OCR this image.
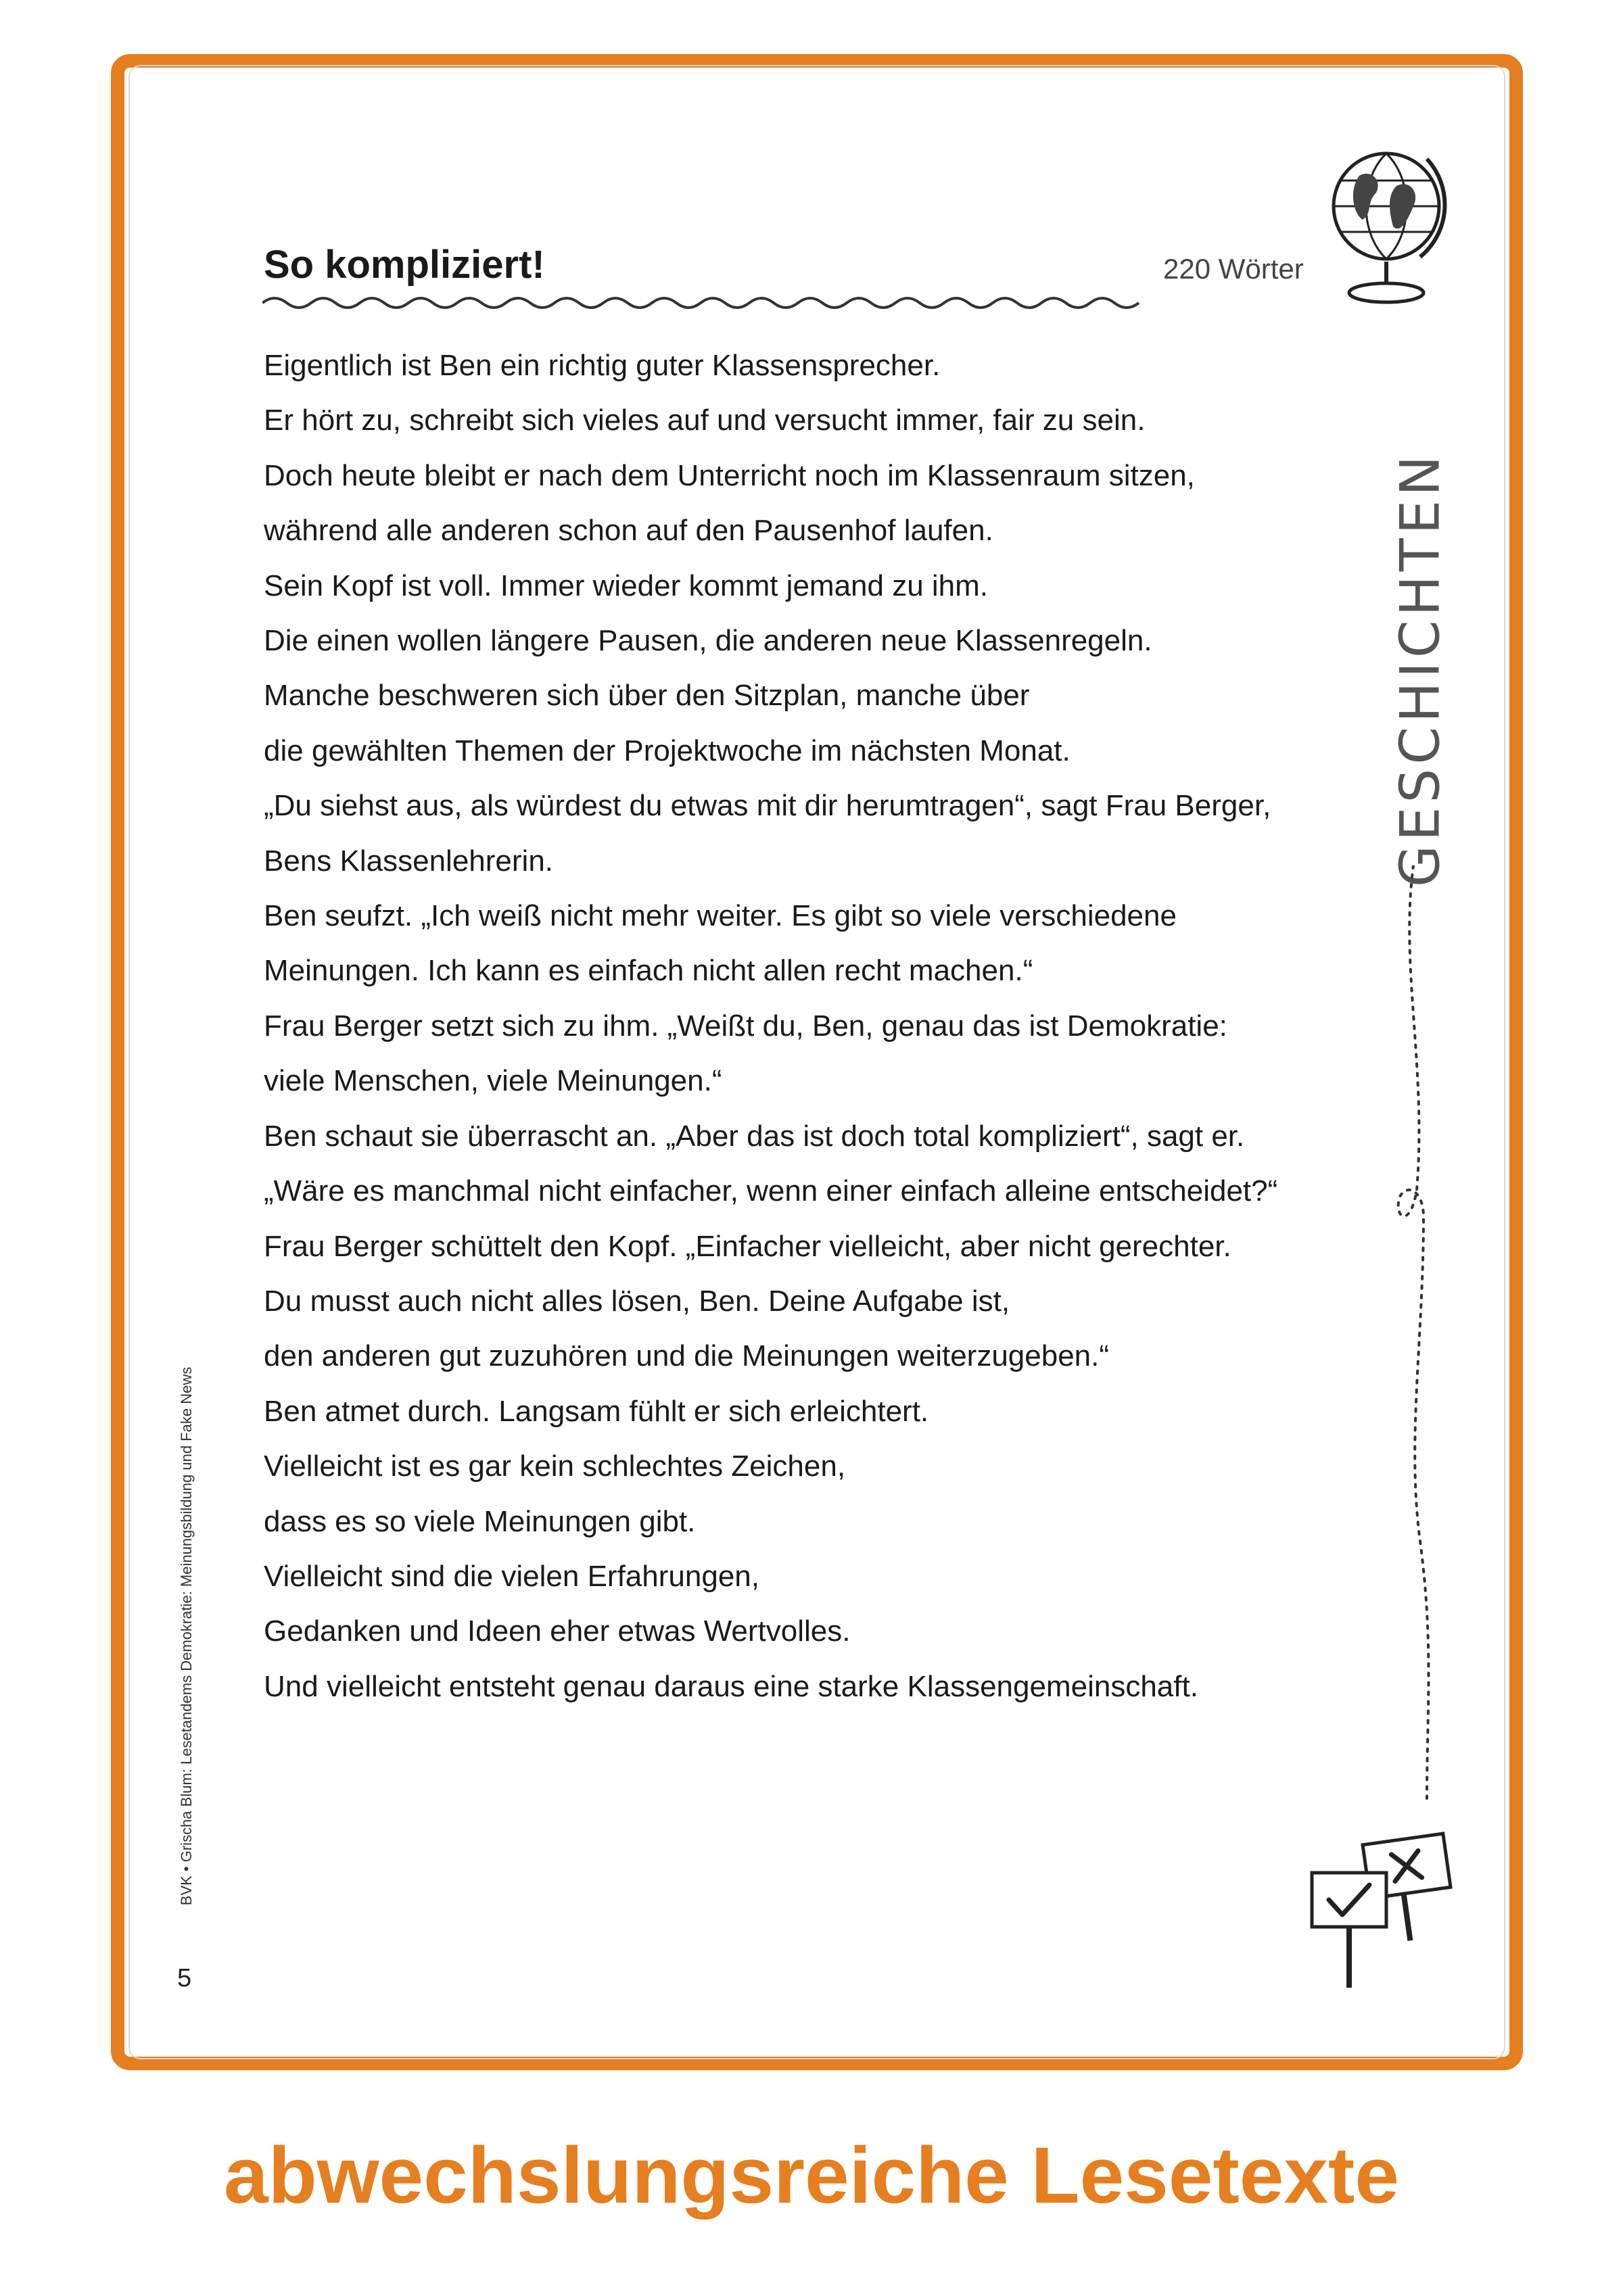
So kompliziert!	220 Wörter
Eigentlich ist Ben ein richtig guter Klassensprecher.
Er hört zu, schreibt sich vieles auf und versucht immer, fair zu sein.
Doch heute bleibt er nach dem Unterricht noch im Klassenraum sitzen,
während alle anderen schon auf den Pausenhof laufen.
Sein Kopf ist voll. Immer wieder kommt jemand zu ihm.
Die einen wollen längere Pausen, die anderen neue Klassenregeln.
Manche beschweren sich über den Sitzplan, manche über
die gewählten Themen der Projektwoche im nächsten Monat.
„Du siehst aus, als würdest du etwas mit dir herumtragen“, sagt Frau Berger,
Bens Klassenlehrerin.
Ben seufzt. „Ich weiß nicht mehr weiter. Es gibt so viele verschiedene
Meinungen. Ich kann es einfach nicht allen recht machen.“
Frau Berger setzt sich zu ihm. „Weißt du, Ben, genau das ist Demokratie:
viele Menschen, viele Meinungen.“
Ben schaut sie überrascht an. „Aber das ist doch total kompliziert“, sagt er.
„Wäre es manchmal nicht einfacher, wenn einer einfach alleine entscheidet?“
Frau Berger schüttelt den Kopf. „Einfacher vielleicht, aber nicht gerechter.
Du musst auch nicht alles lösen, Ben. Deine Aufgabe ist,
den anderen gut zuzuhören und die Meinungen weiterzugeben.“
Ben atmet durch. Langsam fühlt er sich erleichtert.
Vielleicht ist es gar kein schlechtes Zeichen,
dass es so viele Meinungen gibt.
Vielleicht sind die vielen Erfahrungen,
Gedanken und Ideen eher etwas Wertvolles.
Und vielleicht entsteht genau daraus eine starke Klassengemeinschaft.
GESCHICHTEN
BVK • Grischa Blum: Lesetandems Demokratie: Meinungsbildung und Fake News
5
abwechslungsreiche Lesetexte
